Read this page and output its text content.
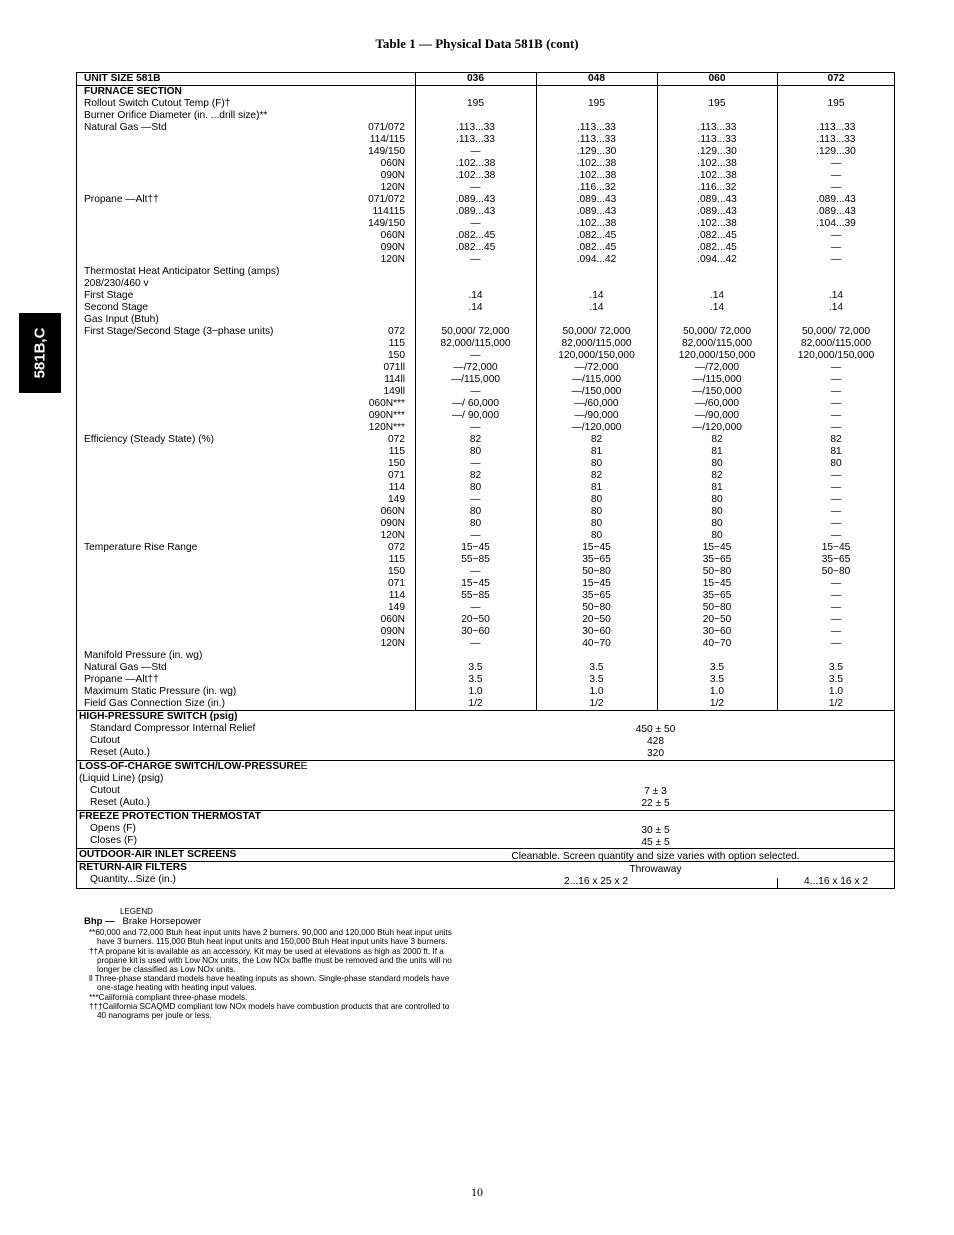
Table 1 — Physical Data 581B (cont)
581B,C
UNIT SIZE 581B	036	048	060	072
FURNACE SECTION
Rollout Switch Cutout Temp (F)†	195	195	195	195
Burner Orifice Diameter (in. ...drill size)**
Natural Gas —Std	071/072	.113...33	.113...33	.113...33	.113...33
114/115	.113...33	.113...33	.113...33	.113...33
149/150	—	.129...30	.129...30	.129...30
060N	.102...38	.102...38	.102...38	—
090N	.102...38	.102...38	.102...38	—
120N	—	.116...32	.116...32	—
Propane —Alt††	071/072	.089...43	.089...43	.089...43	.089...43
114115	.089...43	.089...43	.089...43	.089...43
149/150	—	.102...38	.102...38	.104...39
060N	.082...45	.082...45	.082...45	—
090N	.082...45	.082...45	.082...45	—
120N	—	.094...42	.094...42	—
Thermostat Heat Anticipator Setting (amps)
208/230/460 v
First Stage	.14	.14	.14	.14
Second Stage	.14	.14	.14	.14
Gas Input (Btuh)
First Stage/Second Stage (3−phase units)	072	50,000/ 72,000	50,000/ 72,000	50,000/ 72,000	50,000/ 72,000
115	82,000/115,000	82,000/115,000	82,000/115,000	82,000/115,000
150	—	120,000/150,000	120,000/150,000	120,000/150,000
071ll	—/72,000	—/72,000	—/72,000	—
114ll	—/115,000	—/115,000	—/115,000	—
149ll	—	—/150,000	—/150,000	—
060N***	—/ 60,000	—/60,000	—/60,000	—
090N***	—/ 90,000	—/90,000	—/90,000	—
120N***	—	—/120,000	—/120,000	—
Efficiency (Steady State) (%)	072	82	82	82	82
115	80	81	81	81
150	—	80	80	80
071	82	82	82	—
114	80	81	81	—
149	—	80	80	—
060N	80	80	80	—
090N	80	80	80	—
120N	—	80	80	—
Temperature Rise Range	072	15−45	15−45	15−45	15−45
115	55−85	35−65	35−65	35−65
150	—	50−80	50−80	50−80
071	15−45	15−45	15−45	—
114	55−85	35−65	35−65	—
149	—	50−80	50−80	—
060N	20−50	20−50	20−50	—
090N	30−60	30−60	30−60	—
120N	—	40−70	40−70	—
Manifold Pressure (in. wg)
Natural Gas —Std	3.5	3.5	3.5	3.5
Propane —Alt††	3.5	3.5	3.5	3.5
Maximum Static Pressure (in. wg)	1.0	1.0	1.0	1.0
Field Gas Connection Size (in.)	1/2	1/2	1/2	1/2
HIGH-PRESSURE SWITCH (psig)
Standard Compressor Internal Relief	450 ± 50
Cutout	428
Reset (Auto.)	320
LOSS-OF-CHARGE SWITCH/LOW-PRESSUREE
(Liquid Line) (psig)
Cutout	7 ± 3
Reset (Auto.)	22 ± 5
FREEZE PROTECTION THERMOSTAT
Opens (F)	30 ± 5
Closes (F)	45 ± 5
OUTDOOR-AIR INLET SCREENS	Cleanable. Screen quantity and size varies with option selected.
RETURN-AIR FILTERS	Throwaway
Quantity...Size (in.)	2...16 x 25 x 2	4...16 x 16 x 2
LEGEND
Bhp — Brake Horsepower
**60,000 and 72,000 Btuh heat input units have 2 burners. 90,000 and 120,000 Btuh heat input units have 3 burners. 115,000 Btuh heat input units and 150,000 Btuh Heat input units have 3 burners.
††A propane kit is available as an accessory. Kit may be used at elevations as high as 2000 ft. If a propane kit is used with Low NOx units, the Low NOx baffle must be removed and the units will no longer be classified as Low NOx units.
ll Three-phase standard models have heating inputs as shown. Single-phase standard models have one-stage heating with heating input values.
***California compliant three-phase models.
†††California SCAQMD compliant low NOx models have combustion products that are controlled to 40 nanograms per joule or less.
10
